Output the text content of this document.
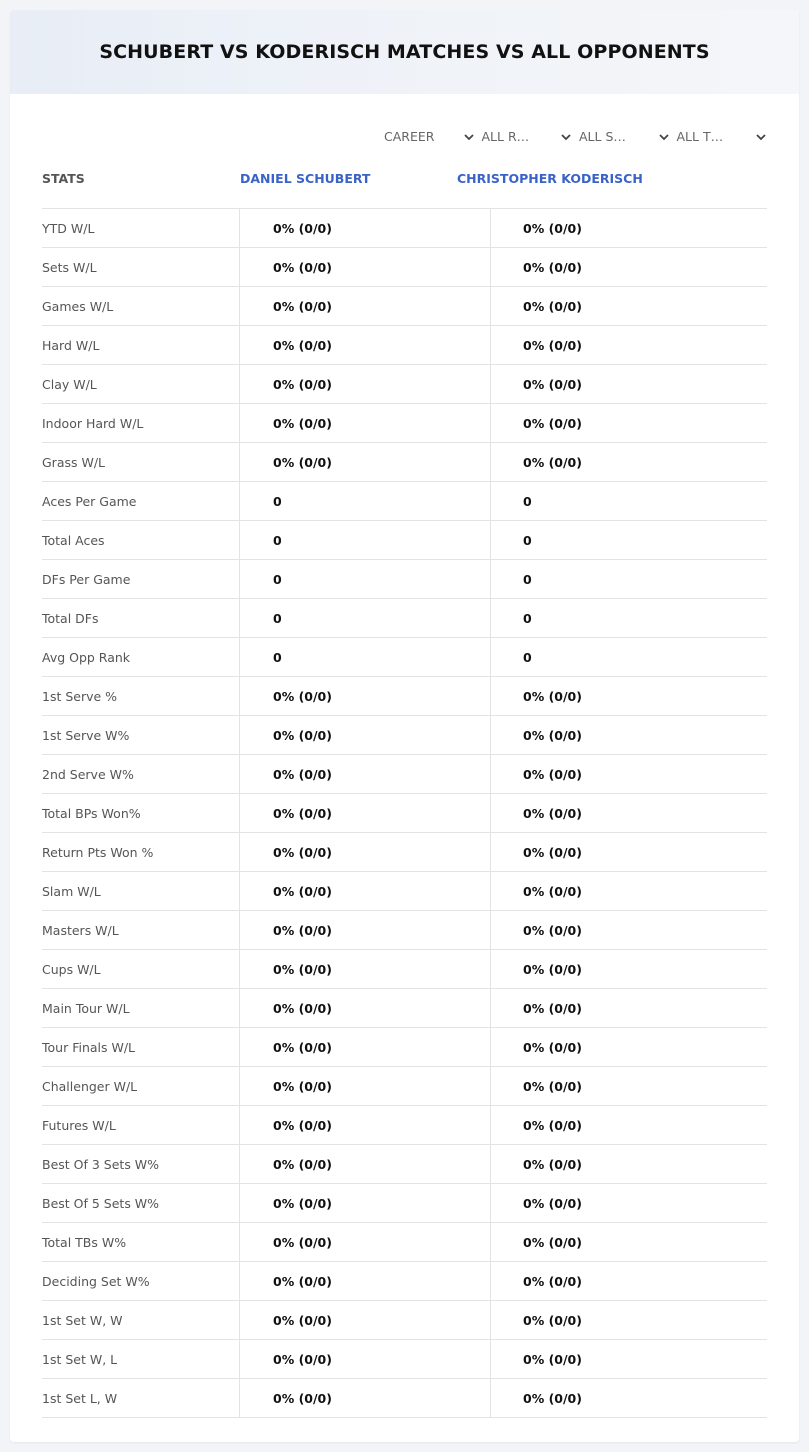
SCHUBERT VS KODERISCH MATCHES VS ALL OPPONENTS
CAREER	ALL R…	ALL S…	ALL T…
STATS	DANIEL SCHUBERT	CHRISTOPHER KODERISCH
YTD W/L	0% (0/0)	0% (0/0)
Sets W/L	0% (0/0)	0% (0/0)
Games W/L	0% (0/0)	0% (0/0)
Hard W/L	0% (0/0)	0% (0/0)
Clay W/L	0% (0/0)	0% (0/0)
Indoor Hard W/L	0% (0/0)	0% (0/0)
Grass W/L	0% (0/0)	0% (0/0)
Aces Per Game	0	0
Total Aces	0	0
DFs Per Game	0	0
Total DFs	0	0
Avg Opp Rank	0	0
1st Serve %	0% (0/0)	0% (0/0)
1st Serve W%	0% (0/0)	0% (0/0)
2nd Serve W%	0% (0/0)	0% (0/0)
Total BPs Won%	0% (0/0)	0% (0/0)
Return Pts Won %	0% (0/0)	0% (0/0)
Slam W/L	0% (0/0)	0% (0/0)
Masters W/L	0% (0/0)	0% (0/0)
Cups W/L	0% (0/0)	0% (0/0)
Main Tour W/L	0% (0/0)	0% (0/0)
Tour Finals W/L	0% (0/0)	0% (0/0)
Challenger W/L	0% (0/0)	0% (0/0)
Futures W/L	0% (0/0)	0% (0/0)
Best Of 3 Sets W%	0% (0/0)	0% (0/0)
Best Of 5 Sets W%	0% (0/0)	0% (0/0)
Total TBs W%	0% (0/0)	0% (0/0)
Deciding Set W%	0% (0/0)	0% (0/0)
1st Set W, W	0% (0/0)	0% (0/0)
1st Set W, L	0% (0/0)	0% (0/0)
1st Set L, W	0% (0/0)	0% (0/0)
